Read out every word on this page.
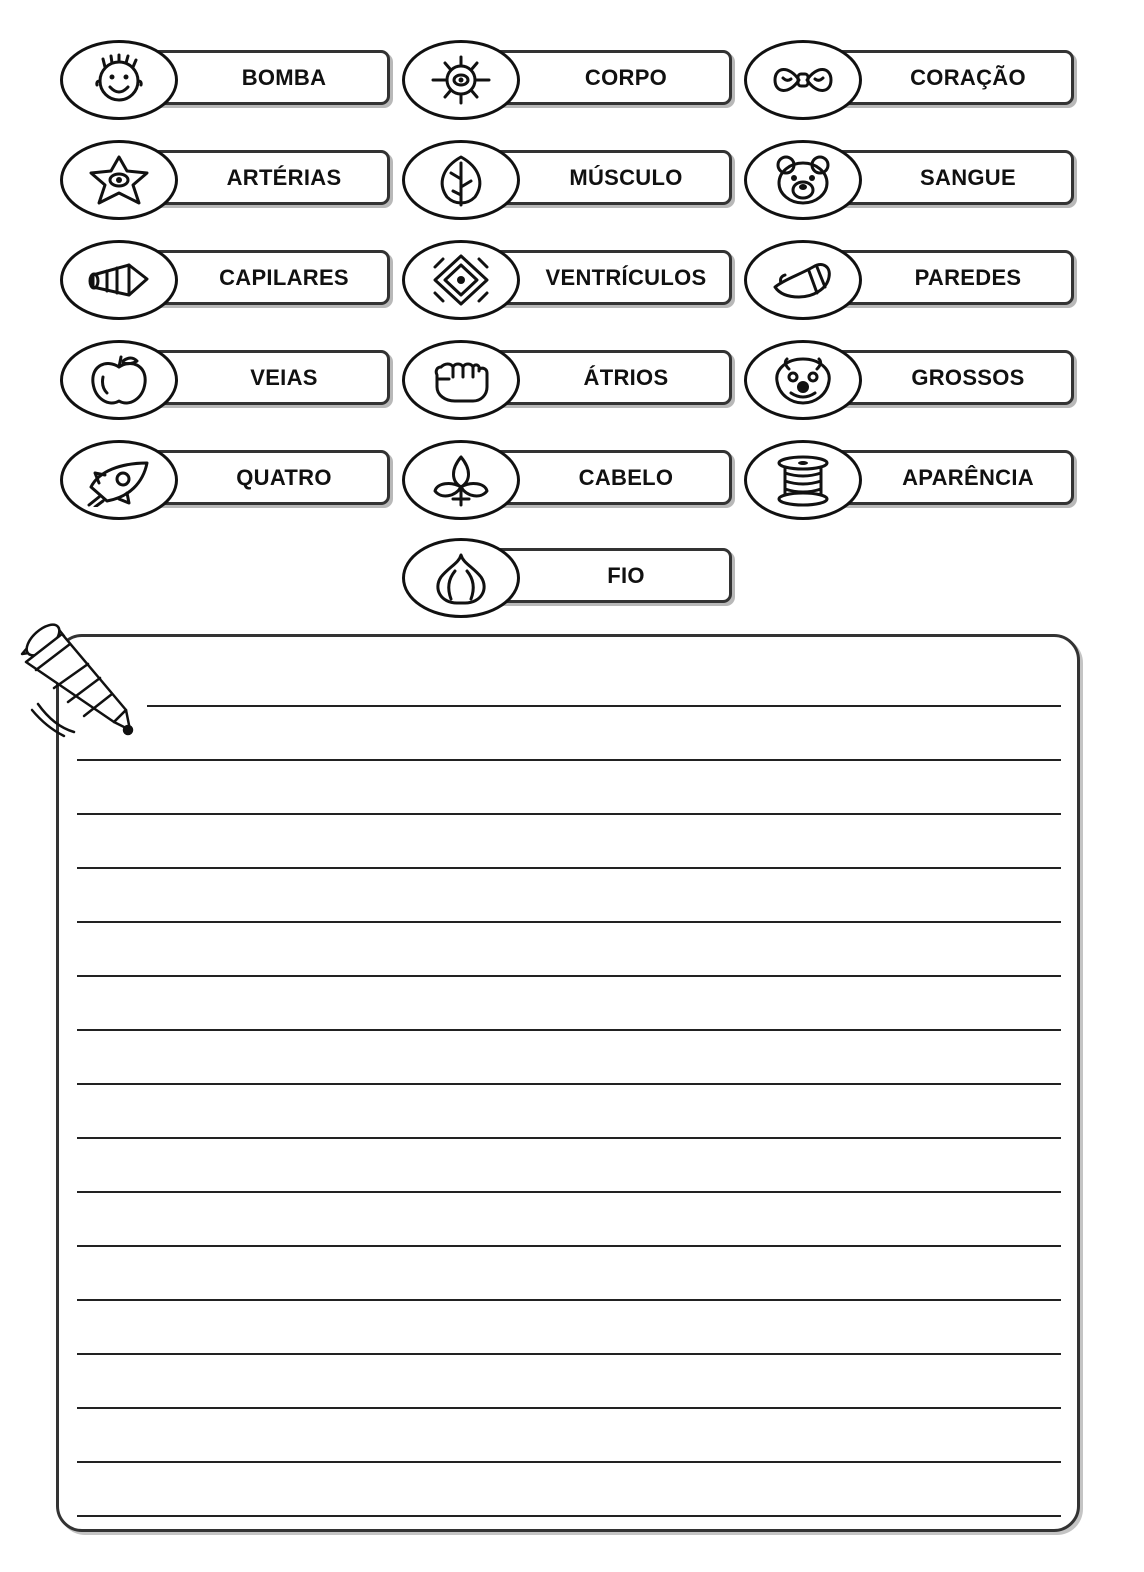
BOMBA	CORPO	CORAÇÃO
ARTÉRIAS	MÚSCULO	SANGUE
CAPILARES	VENTRÍCULOS	PAREDES
VEIAS	ÁTRIOS	GROSSOS
QUATRO	CABELO	APARÊNCIA
FIO
